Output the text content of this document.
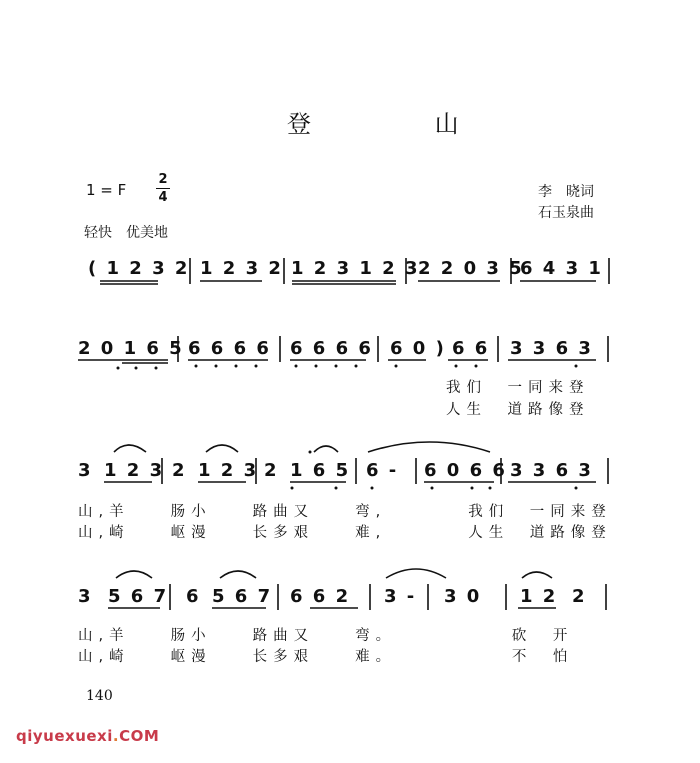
登 山
1 = F
2
4
轻快　优美地
李　晓词
石玉泉曲
( 1 2 3 2 1 2 3 2 1 2 3 1 2 3
2 2 0 3 5
6 4 3 1
2 0 1 6 5 6 6 6 6 6 6 6 6 6 0 ) 6 6 3 3 6 3
我们　一同来登
人生　道路像登
3 1 2 3 2 1 2 3 2 1 6 5 6 - 6 0 6 6 3 3 6 3
山,羊　　肠小　　路曲又　　弯,　　　　我们　一同来登
山,崎　　岖漫　　长多艰　　难,　　　　人生　道路像登
3 5 6 7 6 5 6 7 6 6 2 3 - 3 0 1 2 2
山,羊　　肠小　　路曲又　　弯。　　　　　　砍　开
山,崎　　岖漫　　长多艰　　难。　　　　　　不　怕
140
qiyuexuexi.COM
